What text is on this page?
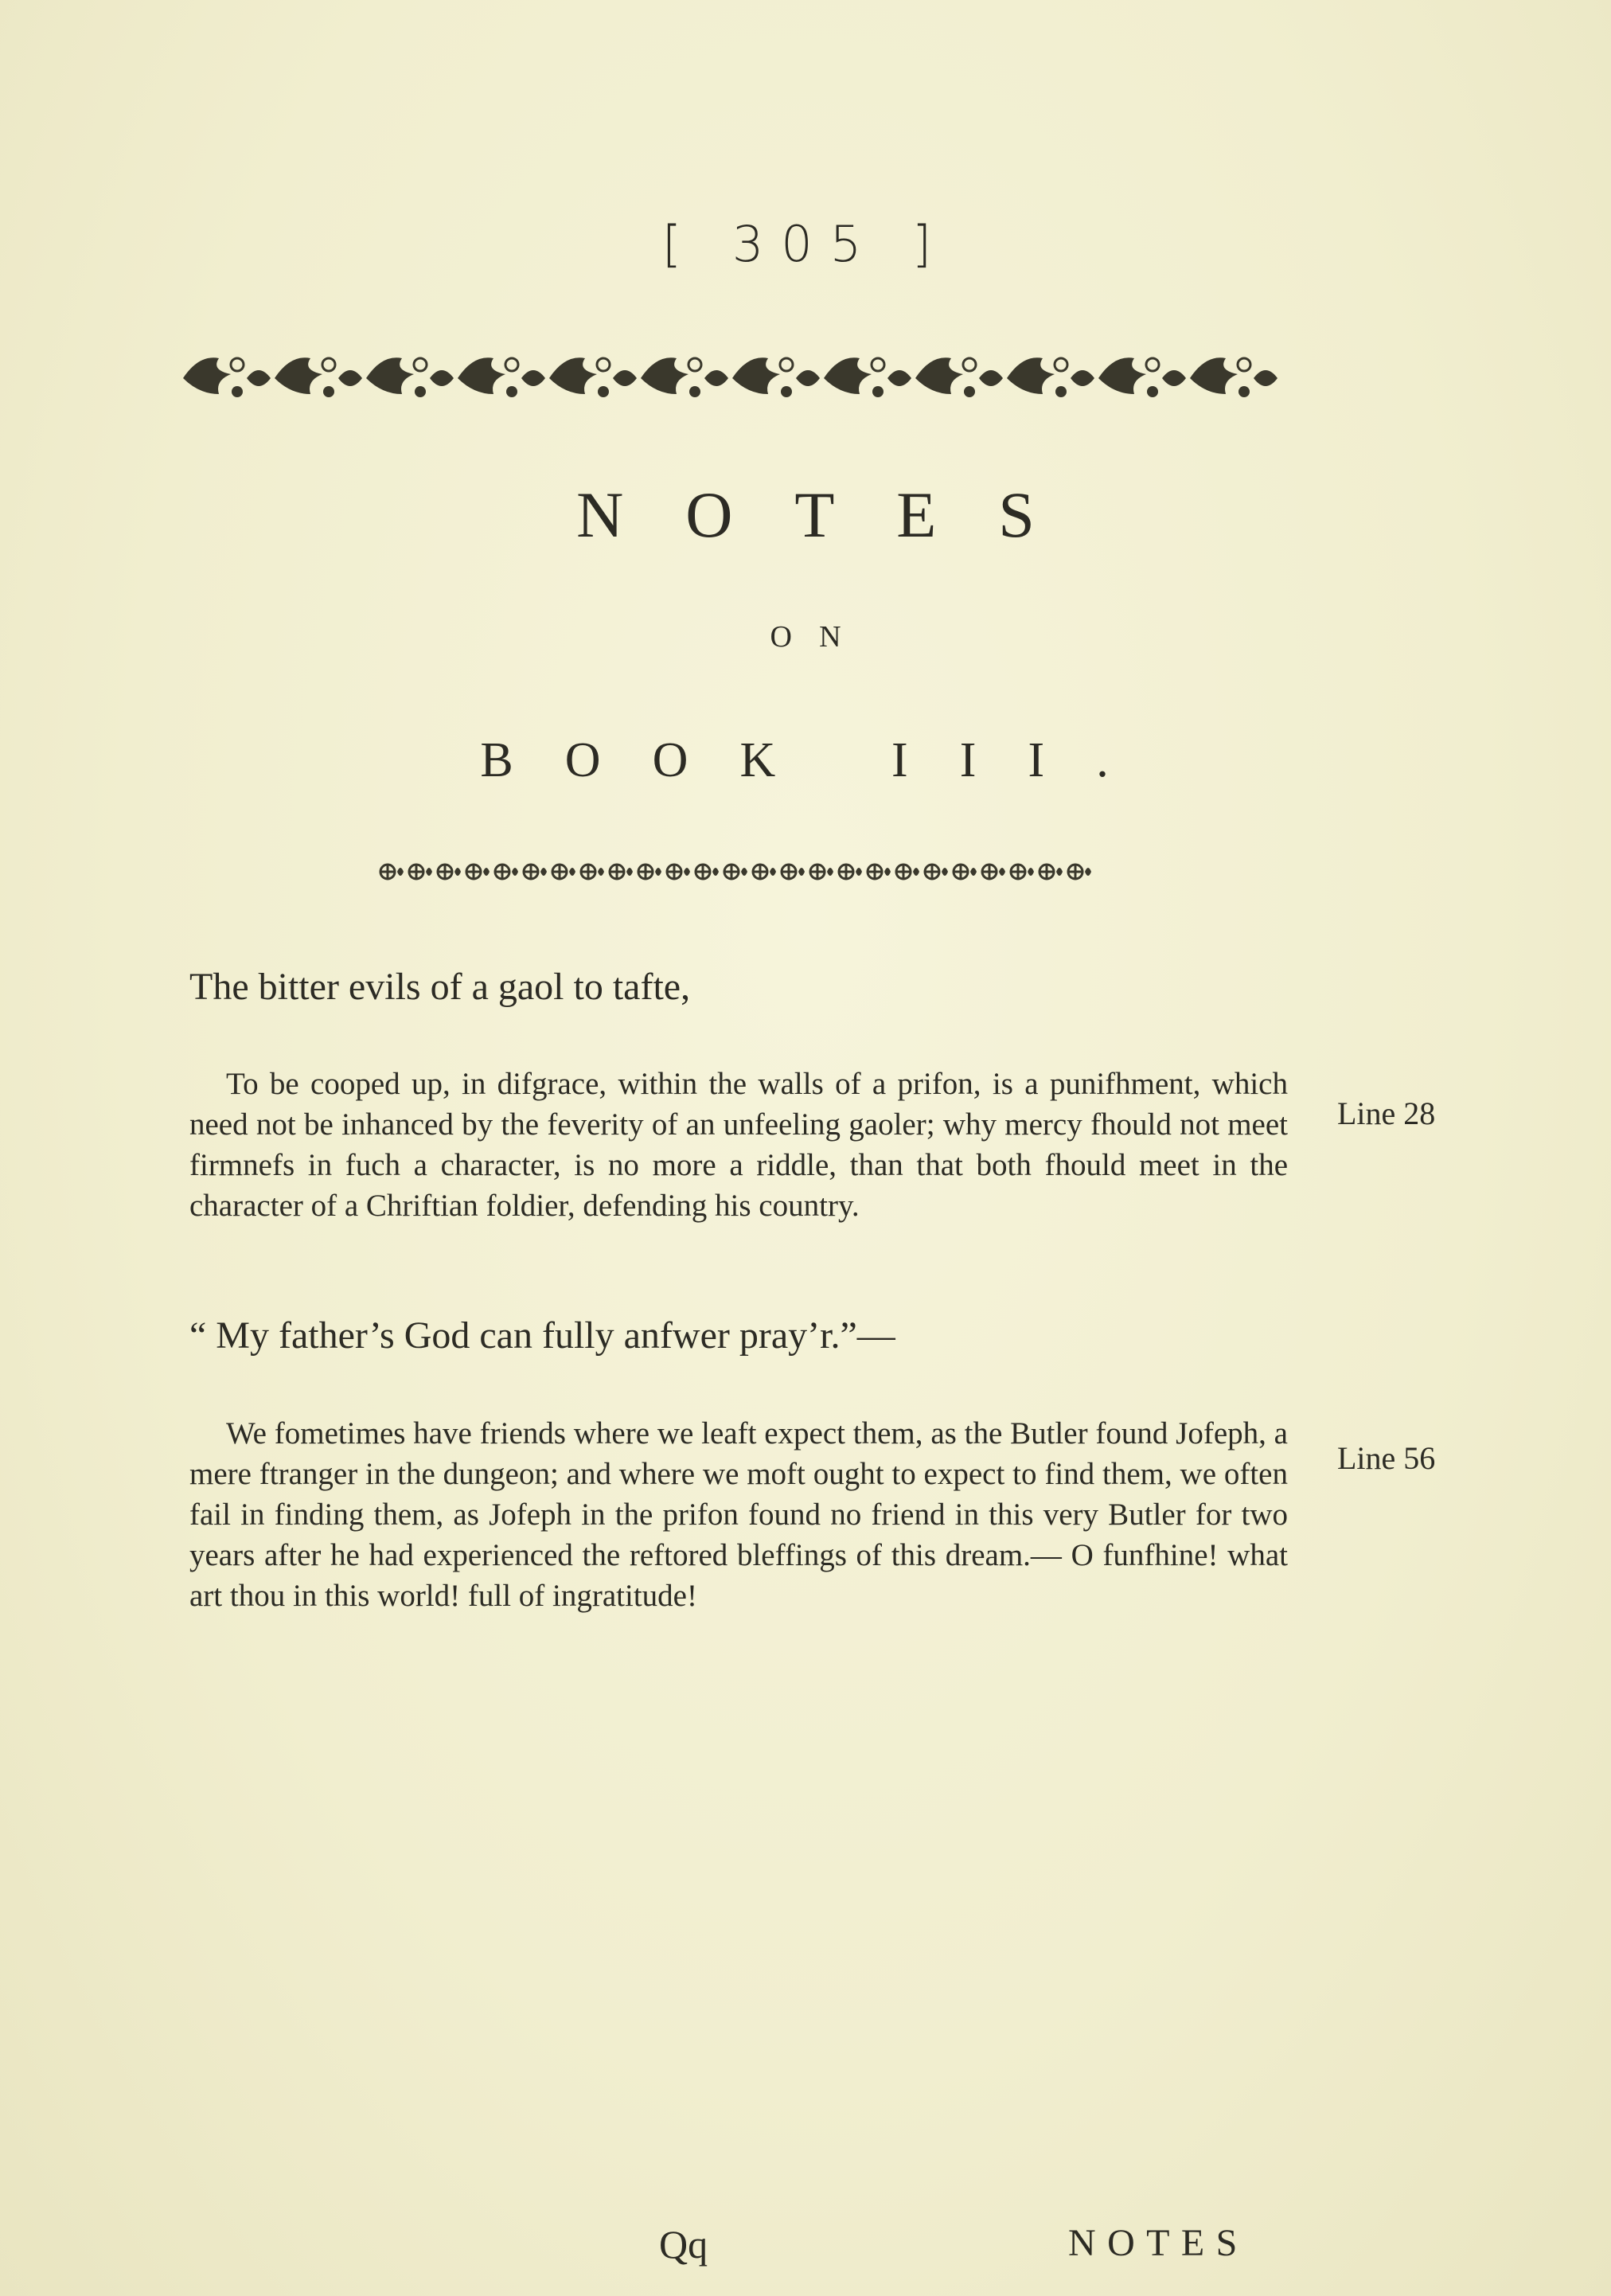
[ 305 ]
NOTES
ON
BOOK III.
The bitter evils of a gaol to tafte,
To be cooped up, in difgrace, within the walls of a prifon, is a punifhment, which need not be inhanced by the feverity of an unfeeling gaoler; why mercy fhould not meet firmnefs in fuch a character, is no more a riddle, than that both fhould meet in the character of a Chriftian foldier, defending his country.
Line 28
“ My father’s God can fully anfwer pray’r.”—
We fometimes have friends where we leaft expect them, as the Butler found Jofeph, a mere ftranger in the dungeon; and where we moft ought to expect to find them, we often fail in finding them, as Jofeph in the prifon found no friend in this very Butler for two years after he had experienced the reftored bleffings of this dream.— O funfhine! what art thou in this world! full of ingratitude!
Line 56
Qq	NOTES
